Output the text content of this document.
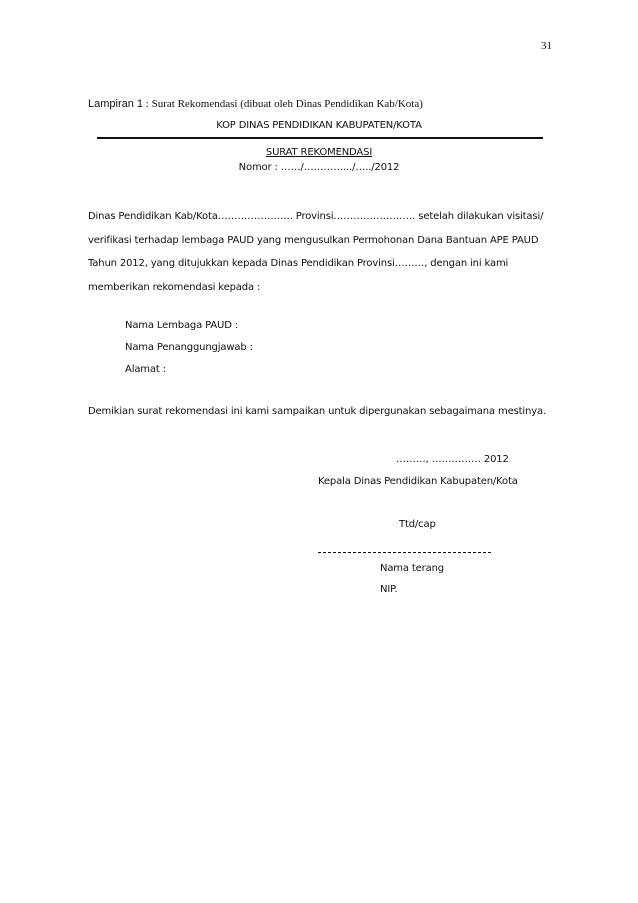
31
Lampiran 1 : Surat Rekomendasi (dibuat oleh Dinas Pendidikan Kab/Kota)
KOP DINAS PENDIDIKAN KABUPATEN/KOTA
SURAT REKOMENDASI
Nomor : ……/………….../…../2012
Dinas Pendidikan Kab/Kota………………….. Provinsi……………………. setelah dilakukan visitasi/
verifikasi terhadap lembaga PAUD yang mengusulkan Permohonan Dana Bantuan APE PAUD
Tahun 2012, yang ditujukkan kepada Dinas Pendidikan Provinsi………, dengan ini kami
memberikan rekomendasi kepada :
Nama Lembaga PAUD :
Nama Penanggungjawab :
Alamat :
Demikian surat rekomendasi ini kami sampaikan untuk dipergunakan sebagaimana mestinya.
………, …………… 2012
Kepala Dinas Pendidikan Kabupaten/Kota
Ttd/cap
Nama terang
NIP.
